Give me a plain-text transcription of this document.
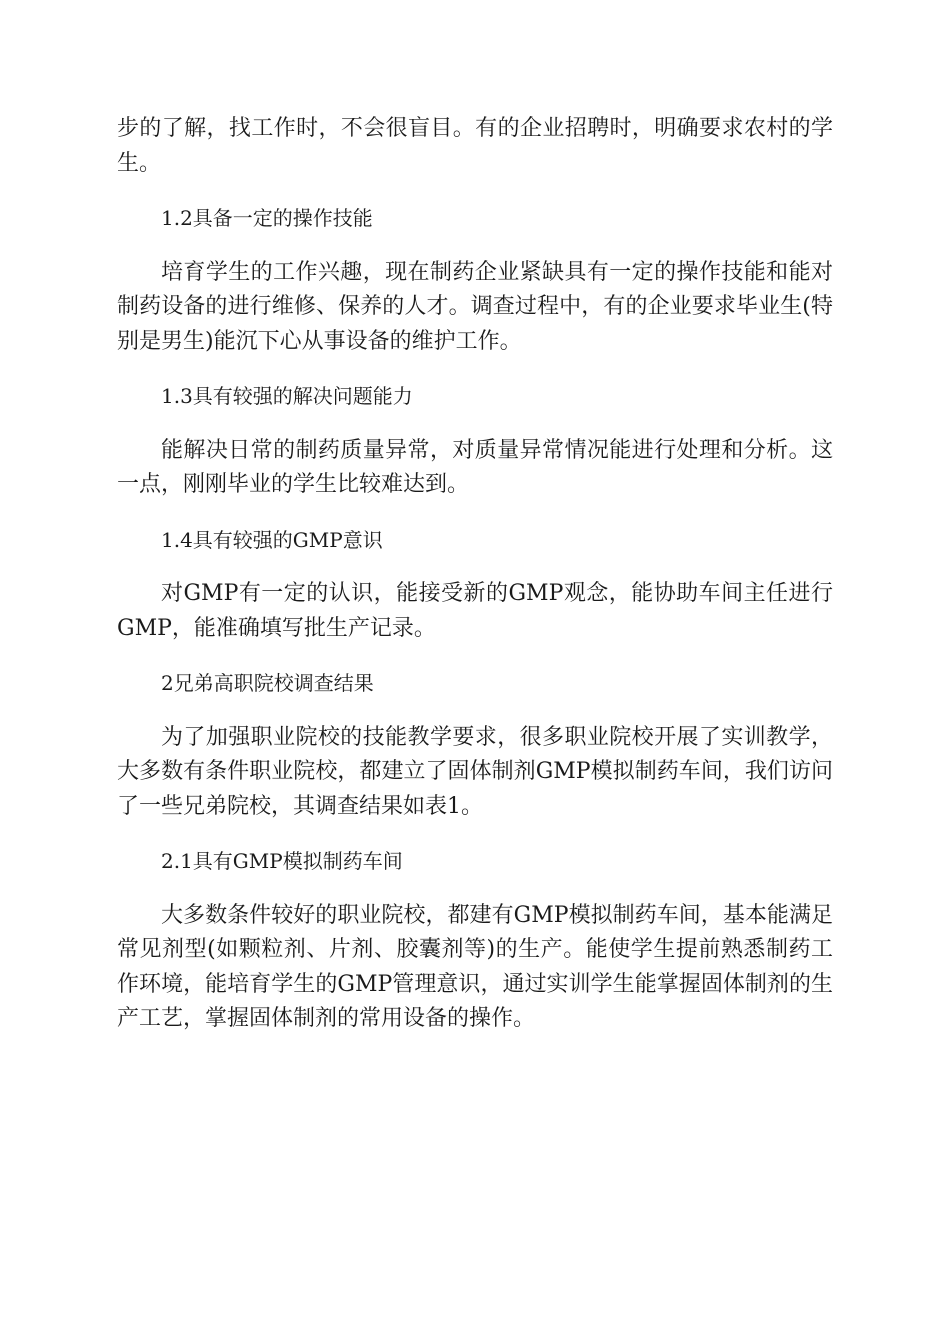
步的了解，找工作时，不会很盲目。有的企业招聘时，明确要求农村的学生。

1.2具备一定的操作技能

培育学生的工作兴趣，现在制药企业紧缺具有一定的操作技能和能对制药设备的进行维修、保养的人才。调查过程中，有的企业要求毕业生(特别是男生)能沉下心从事设备的维护工作。

1.3具有较强的解决问题能力

能解决日常的制药质量异常，对质量异常情况能进行处理和分析。这一点，刚刚毕业的学生比较难达到。

1.4具有较强的GMP意识

对GMP有一定的认识，能接受新的GMP观念，能协助车间主任进行GMP，能准确填写批生产记录。

2兄弟高职院校调查结果

为了加强职业院校的技能教学要求，很多职业院校开展了实训教学，大多数有条件职业院校，都建立了固体制剂GMP模拟制药车间，我们访问了一些兄弟院校，其调查结果如表1。

2.1具有GMP模拟制药车间

大多数条件较好的职业院校，都建有GMP模拟制药车间，基本能满足常见剂型(如颗粒剂、片剂、胶囊剂等)的生产。能使学生提前熟悉制药工作环境，能培育学生的GMP管理意识，通过实训学生能掌握固体制剂的生产工艺，掌握固体制剂的常用设备的操作。
